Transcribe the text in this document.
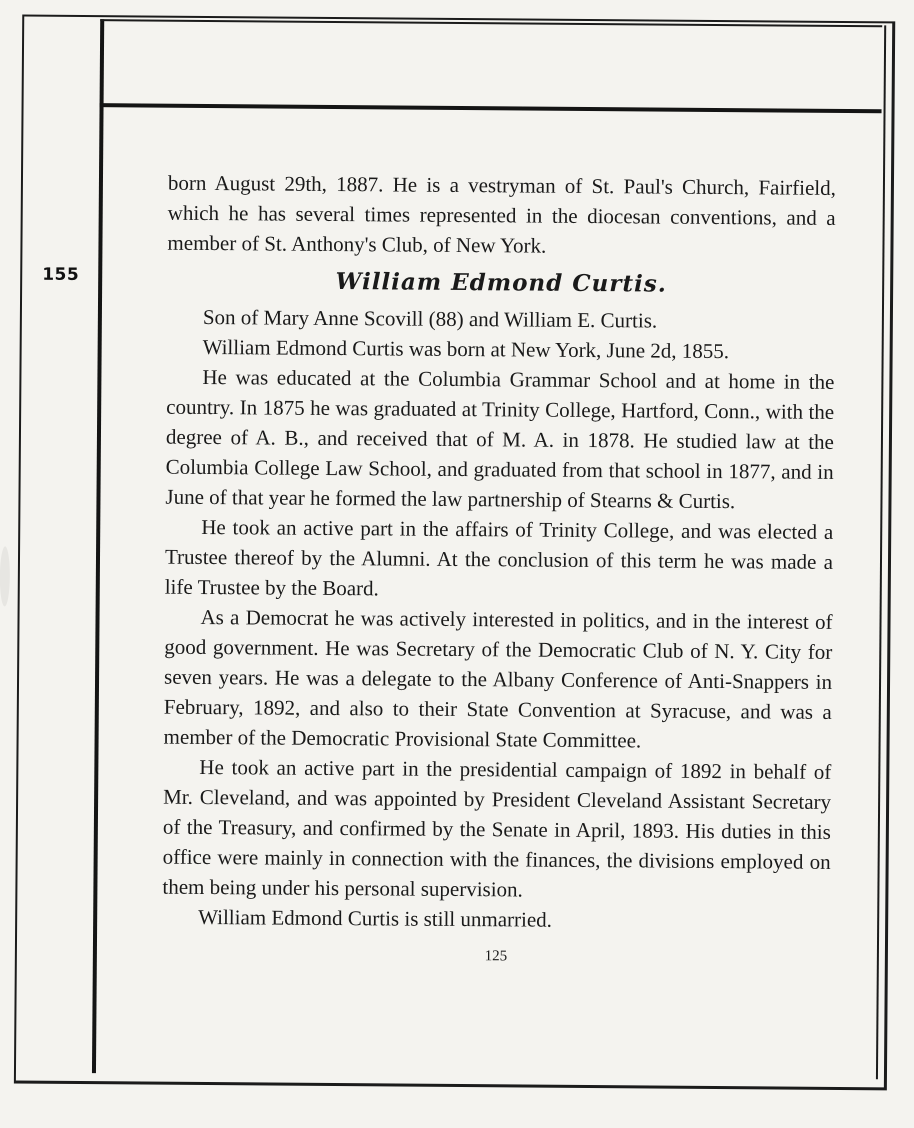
155

born August 29th, 1887. He is a vestryman of St. Paul's Church, Fairfield, which he has several times represented in the diocesan conventions, and a member of St. Anthony's Club, of New York.

William Edmond Curtis.

Son of Mary Anne Scovill (88) and William E. Curtis.

William Edmond Curtis was born at New York, June 2d, 1855.

He was educated at the Columbia Grammar School and at home in the country. In 1875 he was graduated at Trinity College, Hartford, Conn., with the degree of A. B., and received that of M. A. in 1878. He studied law at the Columbia College Law School, and graduated from that school in 1877, and in June of that year he formed the law partnership of Stearns & Curtis.

He took an active part in the affairs of Trinity College, and was elected a Trustee thereof by the Alumni. At the conclusion of this term he was made a life Trustee by the Board.

As a Democrat he was actively interested in politics, and in the interest of good government. He was Secretary of the Democratic Club of N. Y. City for seven years. He was a delegate to the Albany Conference of Anti-Snappers in February, 1892, and also to their State Convention at Syracuse, and was a member of the Democratic Provisional State Committee.

He took an active part in the presidential campaign of 1892 in behalf of Mr. Cleveland, and was appointed by President Cleveland Assistant Secretary of the Treasury, and confirmed by the Senate in April, 1893. His duties in this office were mainly in connection with the finances, the divisions employed on them being under his personal supervision.

William Edmond Curtis is still unmarried.

125
